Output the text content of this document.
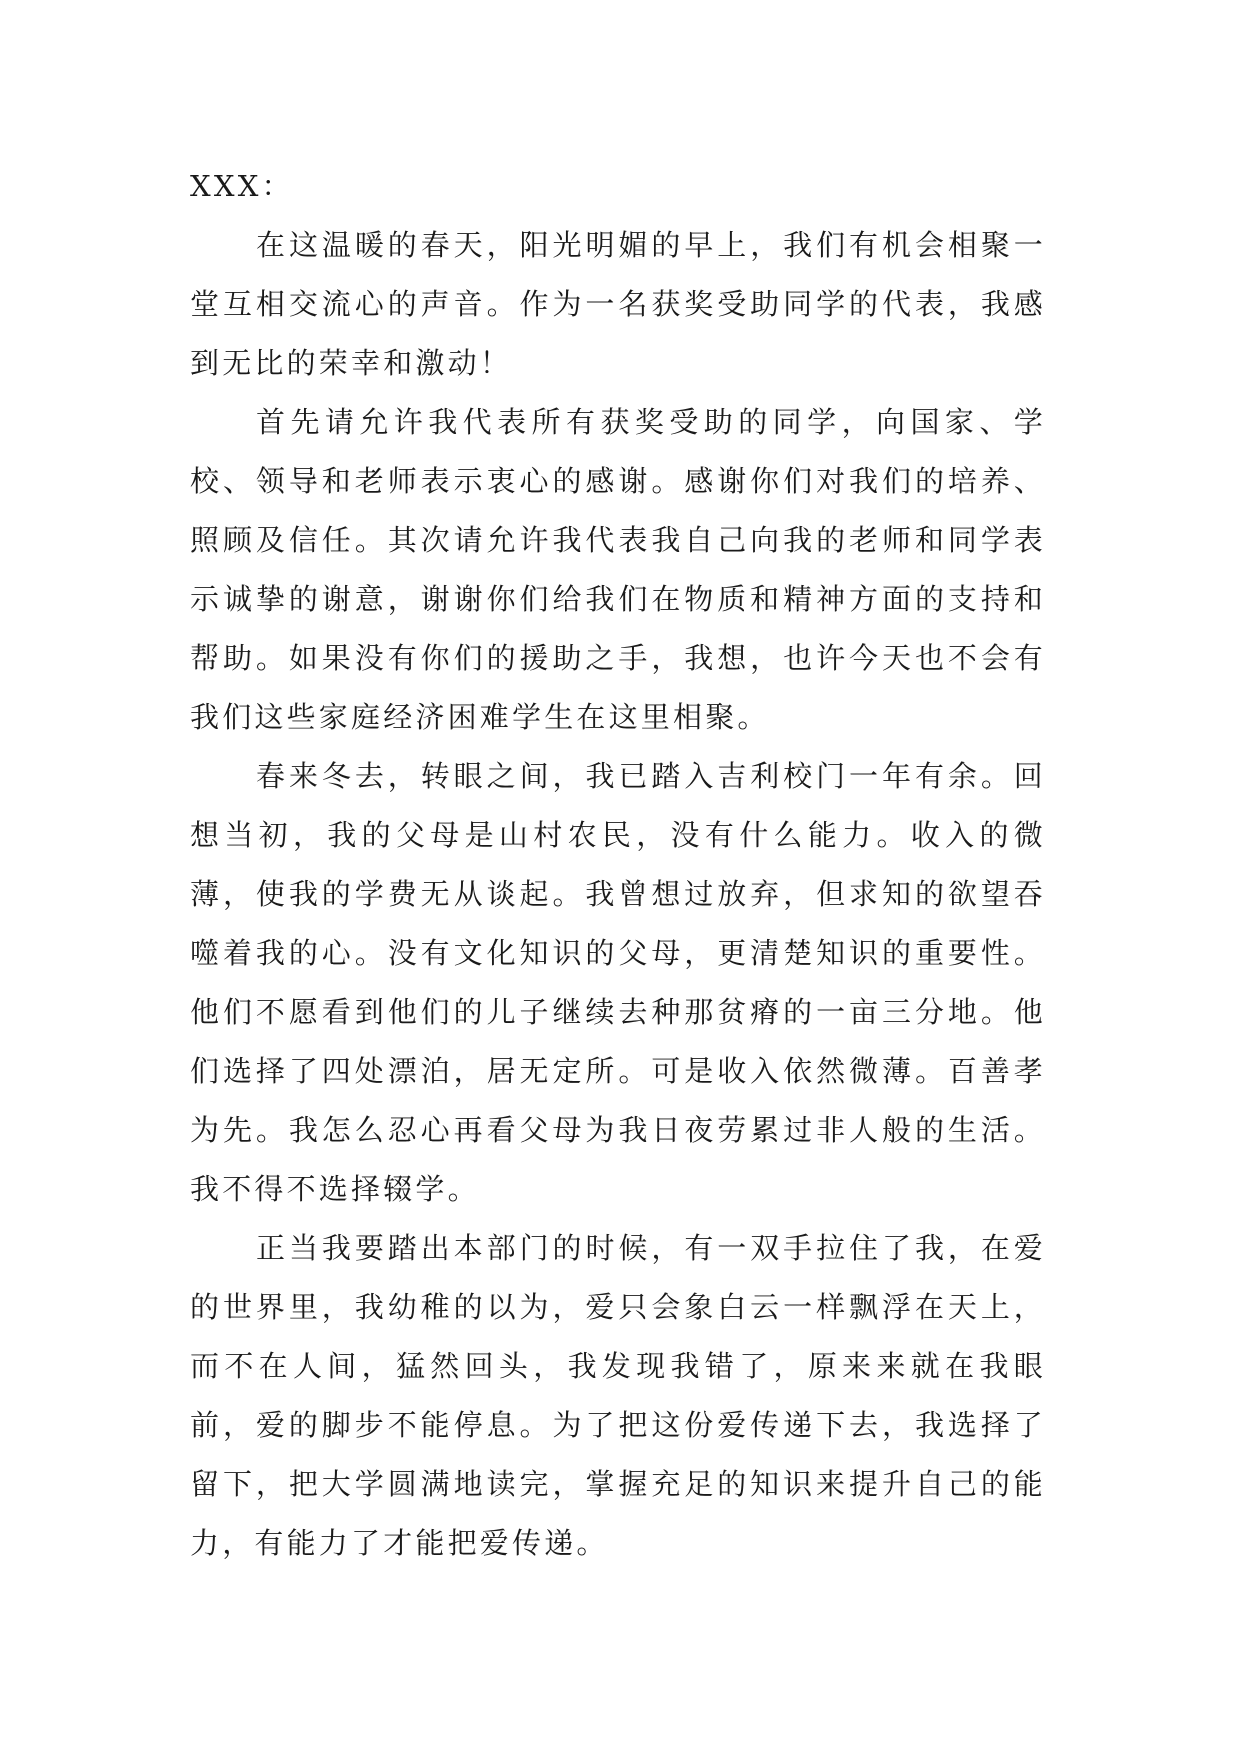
XXX：

在这温暖的春天，阳光明媚的早上，我们有机会相聚一堂互相交流心的声音。作为一名获奖受助同学的代表，我感到无比的荣幸和激动！

首先请允许我代表所有获奖受助的同学，向国家、学校、领导和老师表示衷心的感谢。感谢你们对我们的培养、照顾及信任。其次请允许我代表我自己向我的老师和同学表示诚挚的谢意，谢谢你们给我们在物质和精神方面的支持和帮助。如果没有你们的援助之手，我想，也许今天也不会有我们这些家庭经济困难学生在这里相聚。

春来冬去，转眼之间，我已踏入吉利校门一年有余。回想当初，我的父母是山村农民，没有什么能力。收入的微薄，使我的学费无从谈起。我曾想过放弃，但求知的欲望吞噬着我的心。没有文化知识的父母，更清楚知识的重要性。他们不愿看到他们的儿子继续去种那贫瘠的一亩三分地。他们选择了四处漂泊，居无定所。可是收入依然微薄。百善孝为先。我怎么忍心再看父母为我日夜劳累过非人般的生活。我不得不选择辍学。

正当我要踏出本部门的时候，有一双手拉住了我，在爱的世界里，我幼稚的以为，爱只会象白云一样飘浮在天上，而不在人间，猛然回头，我发现我错了，原来来就在我眼前，爱的脚步不能停息。为了把这份爱传递下去，我选择了留下，把大学圆满地读完，掌握充足的知识来提升自己的能力，有能力了才能把爱传递。
